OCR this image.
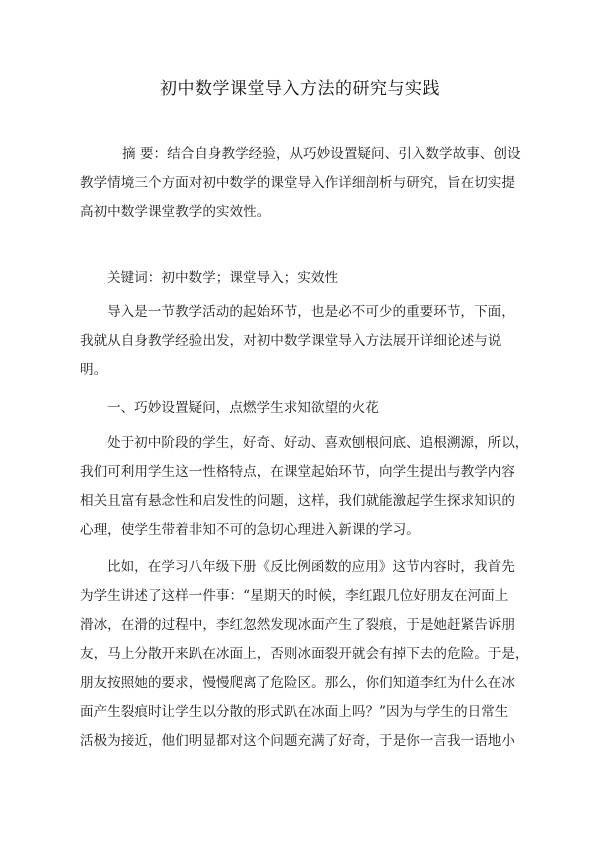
初中数学课堂导入方法的研究与实践
摘 要：结合自身教学经验，从巧妙设置疑问、引入数学故事、创设
教学情境三个方面对初中数学的课堂导入作详细剖析与研究，旨在切实提
高初中数学课堂教学的实效性。
关键词：初中数学；课堂导入；实效性
导入是一节教学活动的起始环节，也是必不可少的重要环节，下面，
我就从自身教学经验出发，对初中数学课堂导入方法展开详细论述与说
明。
一、巧妙设置疑问，点燃学生求知欲望的火花
处于初中阶段的学生，好奇、好动、喜欢刨根问底、追根溯源，所以，
我们可利用学生这一性格特点，在课堂起始环节，向学生提出与教学内容
相关且富有悬念性和启发性的问题，这样，我们就能激起学生探求知识的
心理，使学生带着非知不可的急切心理进入新课的学习。
比如，在学习八年级下册《反比例函数的应用》这节内容时，我首先
为学生讲述了这样一件事：“星期天的时候，李红跟几位好朋友在河面上
滑冰，在滑的过程中，李红忽然发现冰面产生了裂痕，于是她赶紧告诉朋
友，马上分散开来趴在冰面上，否则冰面裂开就会有掉下去的危险。于是，
朋友按照她的要求，慢慢爬离了危险区。那么，你们知道李红为什么在冰
面产生裂痕时让学生以分散的形式趴在冰面上吗？”因为与学生的日常生
活极为接近，他们明显都对这个问题充满了好奇，于是你一言我一语地小
